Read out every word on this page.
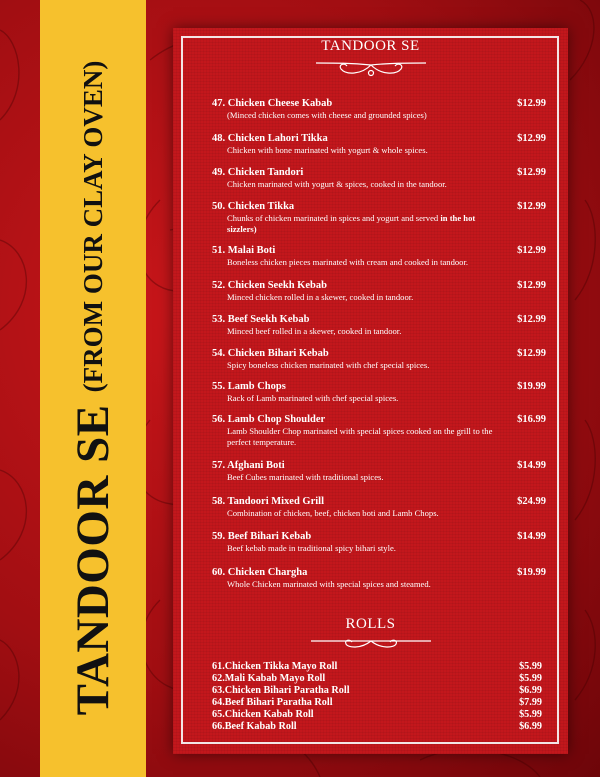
TANDOOR SE
(FROM OUR CLAY OVEN)
TANDOOR SE
47. Chicken Cheese Kabab	$12.99
(Minced chicken comes with cheese and grounded spices)
48. Chicken Lahori Tikka	$12.99
Chicken with bone marinated with yogurt & whole spices.
49. Chicken Tandori	$12.99
Chicken marinated with yogurt & spices, cooked in the tandoor.
50. Chicken Tikka	$12.99
Chunks of chicken marinated in spices and yogurt and served in the hot sizzlers)
51. Malai Boti	$12.99
Boneless chicken pieces marinated with cream and cooked in tandoor.
52. Chicken Seekh Kebab	$12.99
Minced chicken rolled in a skewer, cooked in tandoor.
53. Beef Seekh Kebab	$12.99
Minced beef rolled in a skewer, cooked in tandoor.
54. Chicken Bihari Kebab	$12.99
Spicy boneless chicken marinated with chef special spices.
55. Lamb Chops	$19.99
Rack of Lamb marinated with chef special spices.
56. Lamb Chop Shoulder	$16.99
Lamb Shoulder Chop marinated with special spices cooked on the grill to the perfect temperature.
57. Afghani Boti	$14.99
Beef Cubes marinated with traditional spices.
58. Tandoori Mixed Grill	$24.99
Combination of chicken, beef, chicken boti and Lamb Chops.
59. Beef Bihari Kebab	$14.99
Beef kebab made in traditional spicy bihari style.
60. Chicken Chargha	$19.99
Whole Chicken marinated with special spices and steamed.
ROLLS
61.Chicken Tikka Mayo Roll	$5.99
62.Mali Kabab Mayo Roll	$5.99
63.Chicken Bihari Paratha Roll	$6.99
64.Beef Bihari Paratha Roll	$7.99
65.Chicken Kabab Roll	$5.99
66.Beef Kabab Roll	$6.99
